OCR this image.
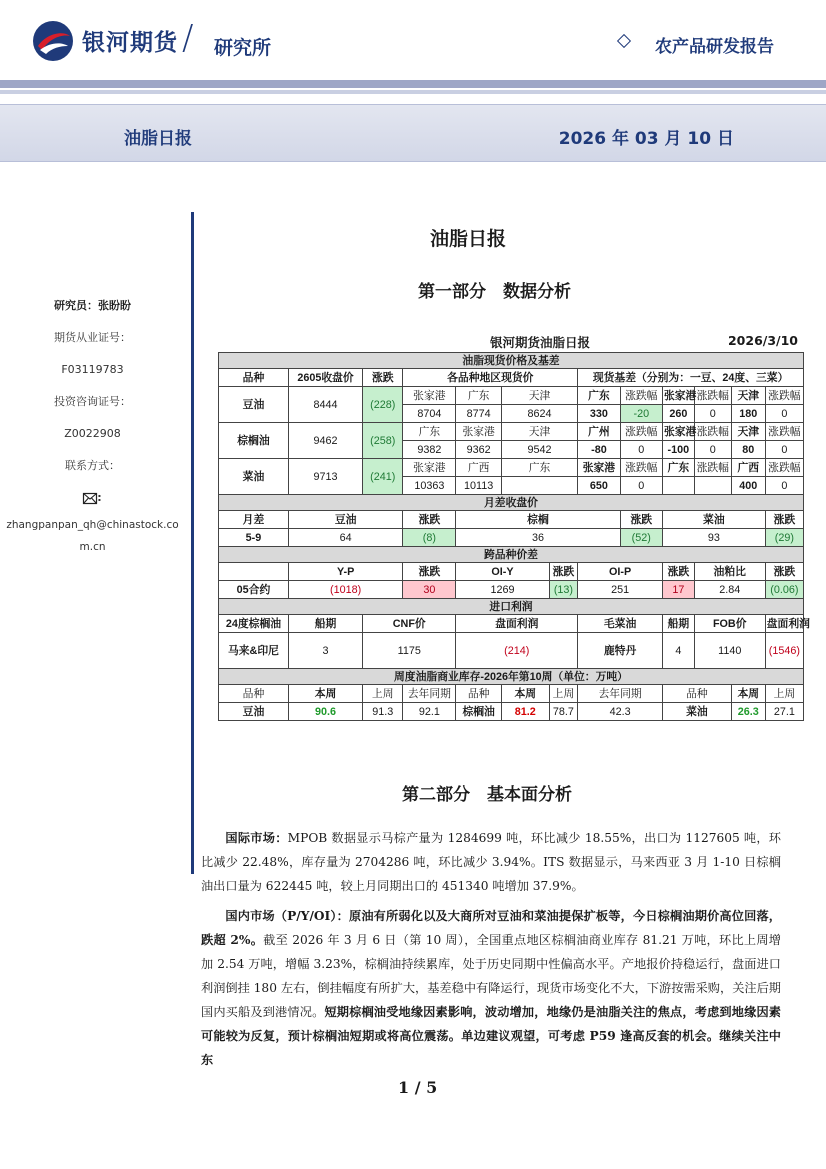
银河期货 / 研究所	农产品研发报告
油脂日报	2026 年 03 月 10 日
研究员：张盼盼
期货从业证号：
F03119783
投资咨询证号：
Z0022908
联系方式：
:
zhangpanpan_qh@chinastock.com.cn
油脂日报
第一部分　数据分析
银河期货油脂日报	2026/3/10
油脂现货价格及基差												
品种	2605收盘价	涨跌	各品种地区现货价				现货基差（分别为：一豆、24度、三菜）					
豆油	8444	(228)	张家港	广东	天津		广东	涨跌幅	张家港	涨跌幅	天津	涨跌幅
			8704	8774	8624		330	-20	260	0	180	0
棕榈油	9462	(258)	广东	张家港	天津		广州	涨跌幅	张家港	涨跌幅	天津	涨跌幅
			9382	9362	9542		-80	0	-100	0	80	0
菜油	9713	(241)	张家港	广西	广东		张家港	涨跌幅	广东	涨跌幅	广西	涨跌幅
			10363	10113			650	0			400	0
月差收盘价												
月差	豆油		涨跌	棕榈				涨跌	菜油			涨跌
5-9	64		(8)	36				(52)	93			(29)
跨品种价差												
	Y-P		涨跌	OI-Y		涨跌	OI-P		涨跌	油粕比		涨跌
05合约	(1018)		30	1269		(13)	251		17	2.84		(0.06)
进口利润												
24度棕榈油	船期	CNF价		盘面利润			毛菜油		船期	FOB价		盘面利润
马来&印尼	3	1175		(214)			鹿特丹		4	1140		(1546)
周度油脂商业库存-2026年第10周（单位：万吨）												
品种	本周	上周	去年同期	品种	本周	上周	去年同期		品种		本周	上周
豆油	90.6	91.3	92.1	棕榈油	81.2	78.7	42.3		菜油		26.3	27.1
第二部分　基本面分析

国际市场：MPOB 数据显示马棕产量为 1284699 吨，环比减少 18.55%，出口为 1127605 吨，环比减少 22.48%，库存量为 2704286 吨，环比减少 3.94%。ITS 数据显示，马来西亚 3 月 1-10 日棕榈油出口量为 622445 吨，较上月同期出口的 451340 吨增加 37.9%。

国内市场（P/Y/OI）：原油有所弱化以及大商所对豆油和菜油提保扩板等，今日棕榈油期价高位回落，跌超 2%。截至 2026 年 3 月 6 日（第 10 周），全国重点地区棕榈油商业库存 81.21 万吨，环比上周增加 2.54 万吨，增幅 3.23%，棕榈油持续累库，处于历史同期中性偏高水平。产地报价持稳运行，盘面进口利润倒挂 180 左右，倒挂幅度有所扩大，基差稳中有降运行，现货市场变化不大，下游按需采购，关注后期国内买船及到港情况。短期棕榈油受地缘因素影响，波动增加，地缘仍是油脂关注的焦点，考虑到地缘因素可能较为反复，预计棕榈油短期或将高位震荡。单边建议观望，可考虑 P59 逢高反套的机会。继续关注中东

1 / 5
